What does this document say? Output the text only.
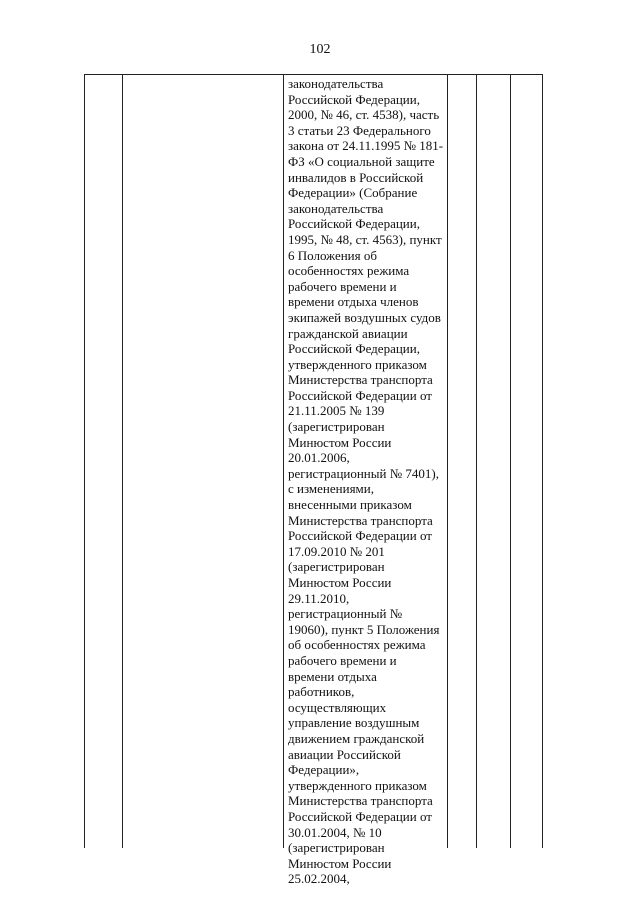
102
законодательства
Российской Федерации,
2000, № 46, ст. 4538), часть
3 статьи 23 Федерального
закона от 24.11.1995 № 181-
ФЗ «О социальной защите
инвалидов в Российской
Федерации» (Собрание
законодательства
Российской Федерации,
1995, № 48, ст. 4563), пункт
6 Положения об
особенностях режима
рабочего времени и
времени отдыха членов
экипажей воздушных судов
гражданской авиации
Российской Федерации,
утвержденного приказом
Министерства транспорта
Российской Федерации от
21.11.2005 № 139
(зарегистрирован
Минюстом России
20.01.2006,
регистрационный № 7401),
с изменениями,
внесенными приказом
Министерства транспорта
Российской Федерации от
17.09.2010 № 201
(зарегистрирован
Минюстом России
29.11.2010,
регистрационный №
19060), пункт 5 Положения
об особенностях режима
рабочего времени и
времени отдыха
работников,
осуществляющих
управление воздушным
движением гражданской
авиации Российской
Федерации»,
утвержденного приказом
Министерства транспорта
Российской Федерации от
30.01.2004, № 10
(зарегистрирован
Минюстом России
25.02.2004,
